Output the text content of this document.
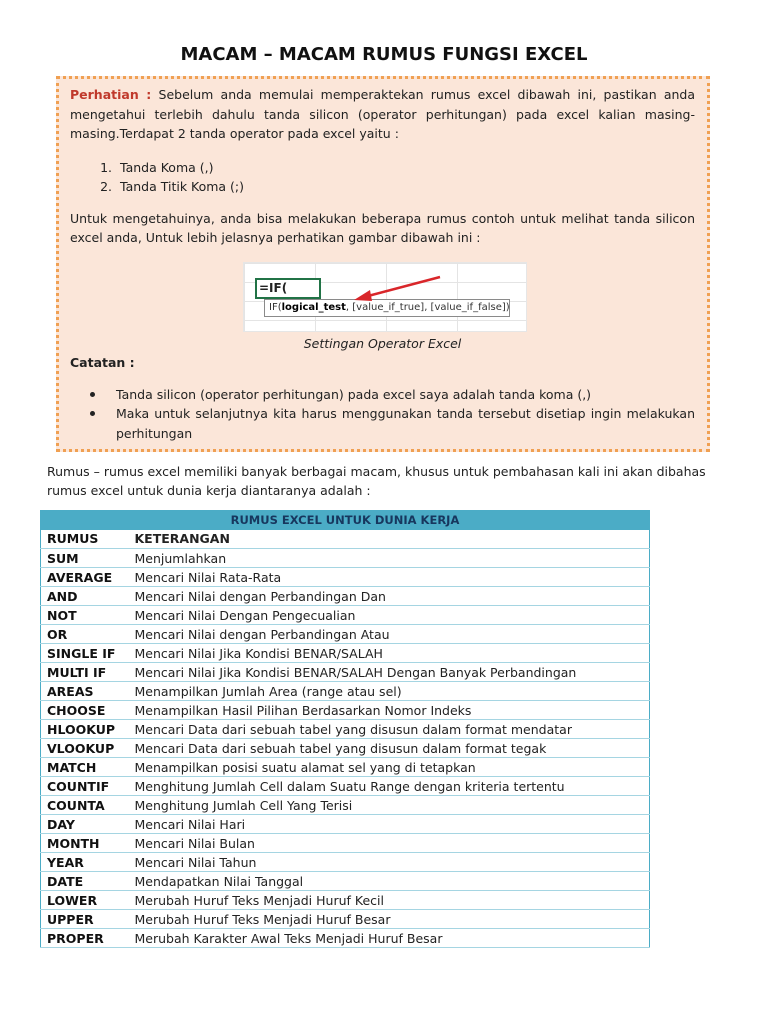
MACAM – MACAM RUMUS FUNGSI EXCEL

Perhatian : Sebelum anda memulai memperaktekan rumus excel dibawah ini, pastikan anda mengetahui terlebih dahulu tanda silicon (operator perhitungan) pada excel kalian masing-masing.Terdapat 2 tanda operator pada excel yaitu :

1. Tanda Koma (,)
2. Tanda Titik Koma (;)

Untuk mengetahuinya, anda bisa melakukan beberapa rumus contoh untuk melihat tanda silicon excel anda, Untuk lebih jelasnya perhatikan gambar dibawah ini :

=IF(
IF(logical_test, [value_if_true], [value_if_false])

Settingan Operator Excel

Catatan :

Tanda silicon (operator perhitungan) pada excel saya adalah tanda koma (,)
Maka untuk selanjutnya kita harus menggunakan tanda tersebut disetiap ingin melakukan perhitungan

Rumus – rumus excel memiliki banyak berbagai macam, khusus untuk pembahasan kali ini akan dibahas rumus excel untuk dunia kerja diantaranya adalah :

RUMUS EXCEL UNTUK DUNIA KERJA	
RUMUS	KETERANGAN
SUM	Menjumlahkan
AVERAGE	Mencari Nilai Rata-Rata
AND	Mencari Nilai dengan Perbandingan Dan
NOT	Mencari Nilai Dengan Pengecualian
OR	Mencari Nilai dengan Perbandingan Atau
SINGLE IF	Mencari Nilai Jika Kondisi BENAR/SALAH
MULTI IF	Mencari Nilai Jika Kondisi BENAR/SALAH Dengan Banyak Perbandingan
AREAS	Menampilkan Jumlah Area (range atau sel)
CHOOSE	Menampilkan Hasil Pilihan Berdasarkan Nomor Indeks
HLOOKUP	Mencari Data dari sebuah tabel yang disusun dalam format mendatar
VLOOKUP	Mencari Data dari sebuah tabel yang disusun dalam format tegak
MATCH	Menampilkan posisi suatu alamat sel yang di tetapkan
COUNTIF	Menghitung Jumlah Cell dalam Suatu Range dengan kriteria tertentu
COUNTA	Menghitung Jumlah Cell Yang Terisi
DAY	Mencari Nilai Hari
MONTH	Mencari Nilai Bulan
YEAR	Mencari Nilai Tahun
DATE	Mendapatkan Nilai Tanggal
LOWER	Merubah Huruf Teks Menjadi Huruf Kecil
UPPER	Merubah Huruf Teks Menjadi Huruf Besar
PROPER	Merubah Karakter Awal Teks Menjadi Huruf Besar
